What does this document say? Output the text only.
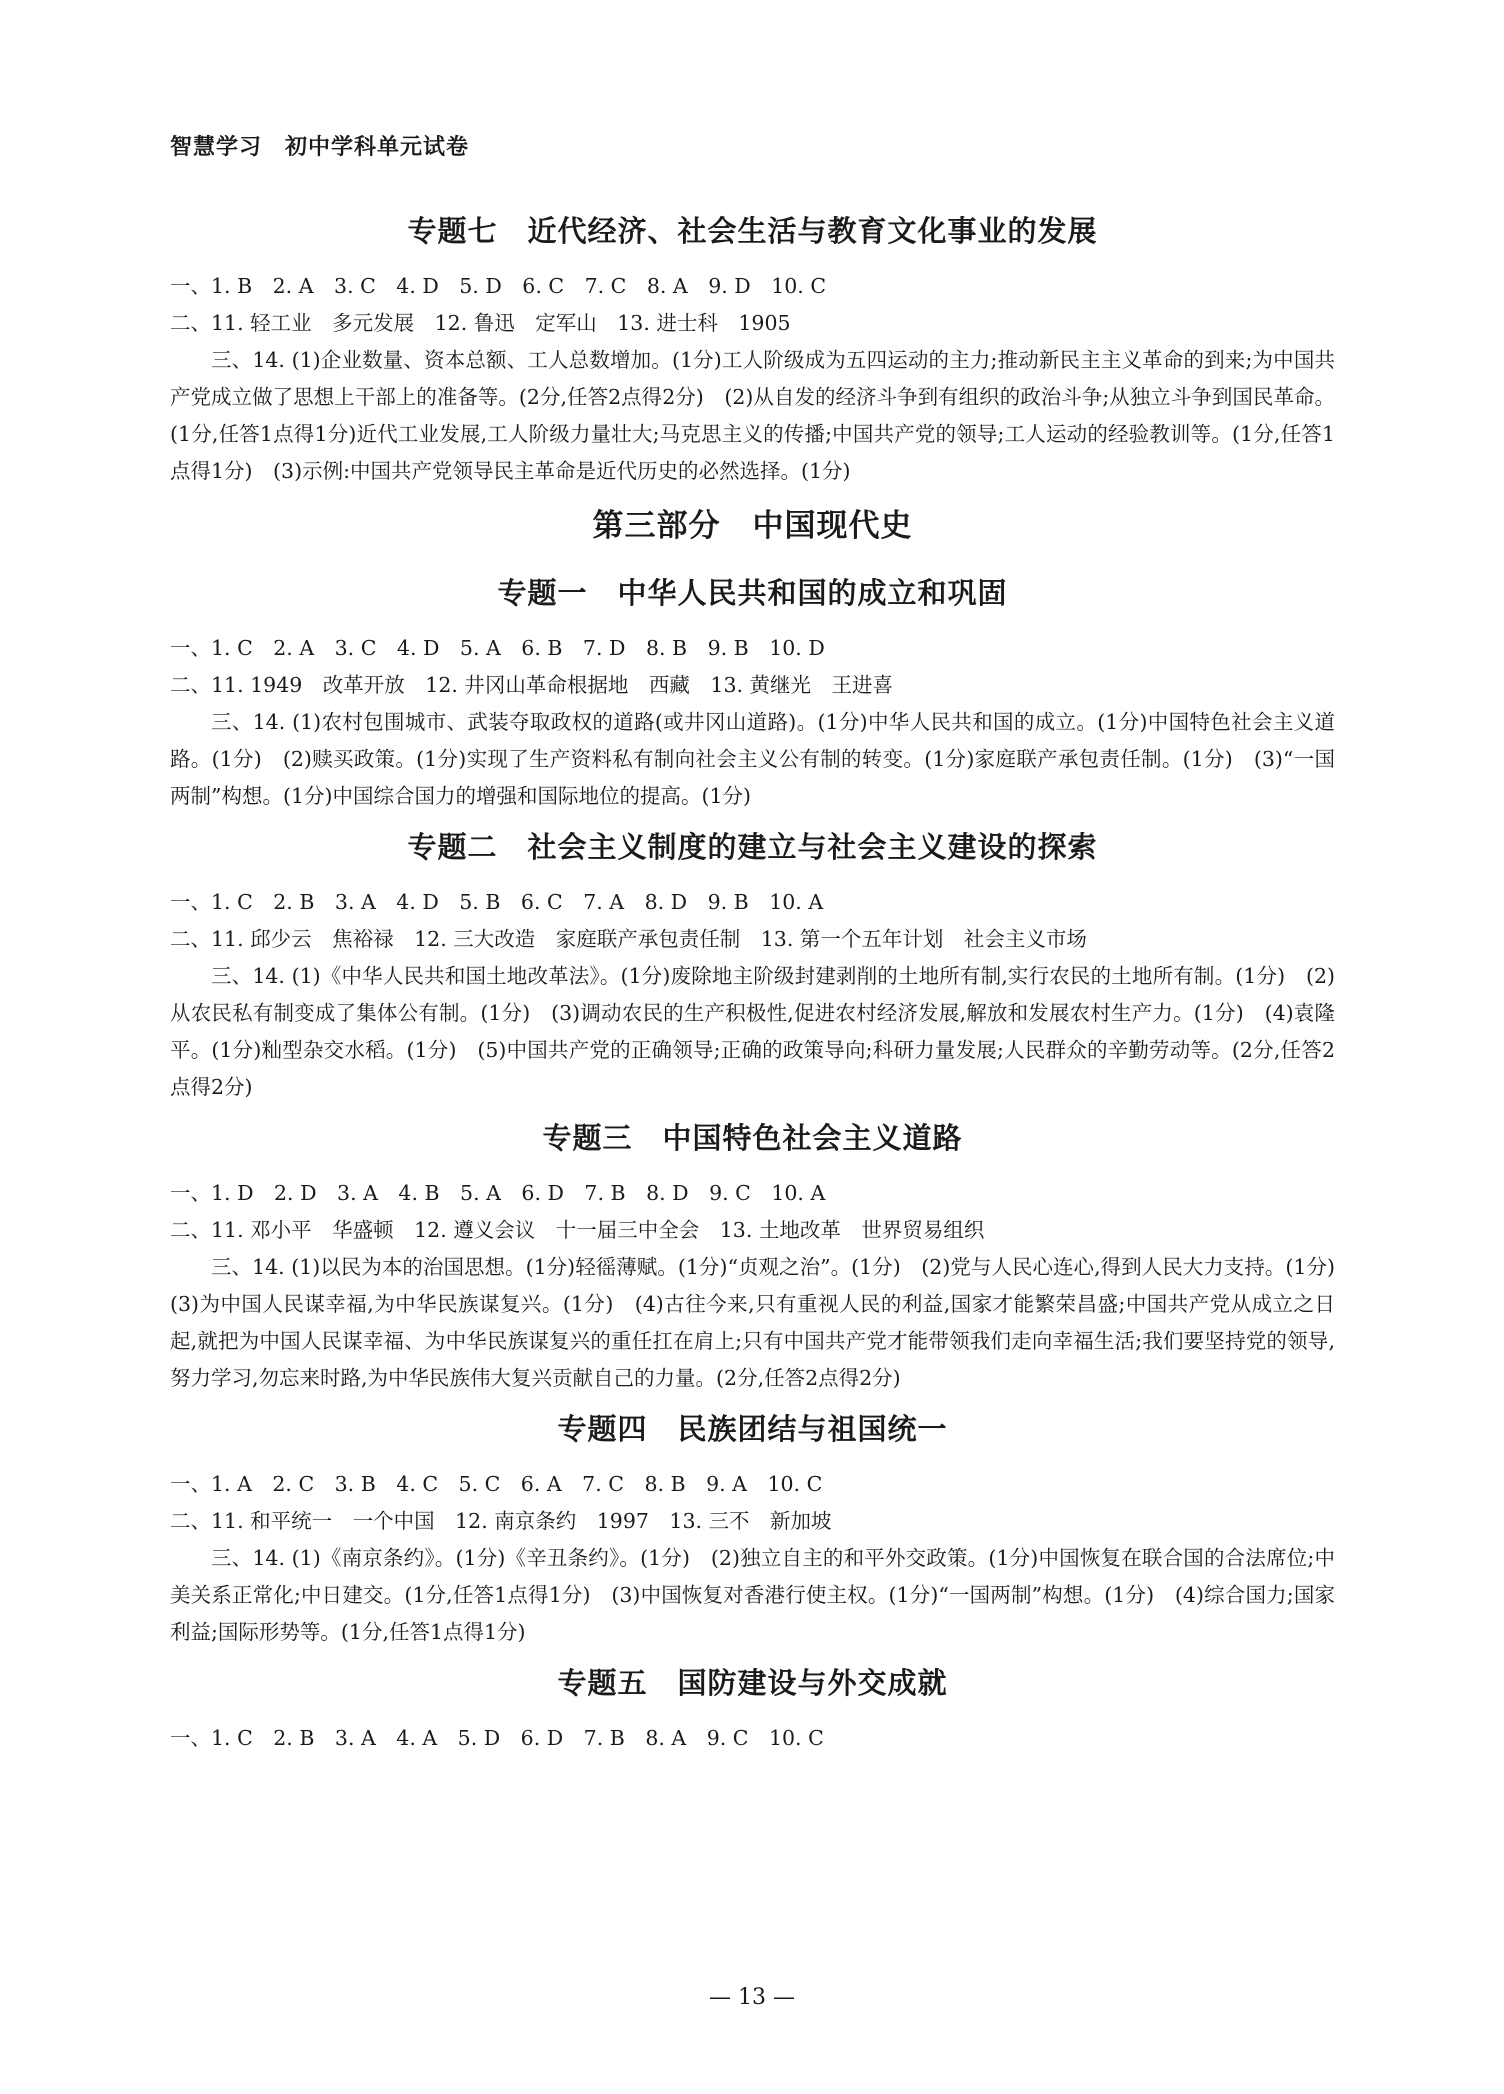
智慧学习　初中学科单元试卷
专题七　近代经济、社会生活与教育文化事业的发展
一、1. B　2. A　3. C　4. D　5. D　6. C　7. C　8. A　9. D　10. C
二、11. 轻工业　多元发展　12. 鲁迅　定军山　13. 进士科　1905
三、14. (1)企业数量、资本总额、工人总数增加。(1分)工人阶级成为五四运动的主力;推动新民主主义革命的到来;为中国共产党成立做了思想上干部上的准备等。(2分,任答2点得2分)　(2)从自发的经济斗争到有组织的政治斗争;从独立斗争到国民革命。(1分,任答1点得1分)近代工业发展,工人阶级力量壮大;马克思主义的传播;中国共产党的领导;工人运动的经验教训等。(1分,任答1点得1分)　(3)示例:中国共产党领导民主革命是近代历史的必然选择。(1分)
第三部分　中国现代史
专题一　中华人民共和国的成立和巩固
一、1. C　2. A　3. C　4. D　5. A　6. B　7. D　8. B　9. B　10. D
二、11. 1949　改革开放　12. 井冈山革命根据地　西藏　13. 黄继光　王进喜
三、14. (1)农村包围城市、武装夺取政权的道路(或井冈山道路)。(1分)中华人民共和国的成立。(1分)中国特色社会主义道路。(1分)　(2)赎买政策。(1分)实现了生产资料私有制向社会主义公有制的转变。(1分)家庭联产承包责任制。(1分)　(3)“一国两制”构想。(1分)中国综合国力的增强和国际地位的提高。(1分)
专题二　社会主义制度的建立与社会主义建设的探索
一、1. C　2. B　3. A　4. D　5. B　6. C　7. A　8. D　9. B　10. A
二、11. 邱少云　焦裕禄　12. 三大改造　家庭联产承包责任制　13. 第一个五年计划　社会主义市场
三、14. (1)《中华人民共和国土地改革法》。(1分)废除地主阶级封建剥削的土地所有制,实行农民的土地所有制。(1分)　(2)从农民私有制变成了集体公有制。(1分)　(3)调动农民的生产积极性,促进农村经济发展,解放和发展农村生产力。(1分)　(4)袁隆平。(1分)籼型杂交水稻。(1分)　(5)中国共产党的正确领导;正确的政策导向;科研力量发展;人民群众的辛勤劳动等。(2分,任答2点得2分)
专题三　中国特色社会主义道路
一、1. D　2. D　3. A　4. B　5. A　6. D　7. B　8. D　9. C　10. A
二、11. 邓小平　华盛顿　12. 遵义会议　十一届三中全会　13. 土地改革　世界贸易组织
三、14. (1)以民为本的治国思想。(1分)轻徭薄赋。(1分)“贞观之治”。(1分)　(2)党与人民心连心,得到人民大力支持。(1分)　(3)为中国人民谋幸福,为中华民族谋复兴。(1分)　(4)古往今来,只有重视人民的利益,国家才能繁荣昌盛;中国共产党从成立之日起,就把为中国人民谋幸福、为中华民族谋复兴的重任扛在肩上;只有中国共产党才能带领我们走向幸福生活;我们要坚持党的领导,努力学习,勿忘来时路,为中华民族伟大复兴贡献自己的力量。(2分,任答2点得2分)
专题四　民族团结与祖国统一
一、1. A　2. C　3. B　4. C　5. C　6. A　7. C　8. B　9. A　10. C
二、11. 和平统一　一个中国　12. 南京条约　1997　13. 三不　新加坡
三、14. (1)《南京条约》。(1分)《辛丑条约》。(1分)　(2)独立自主的和平外交政策。(1分)中国恢复在联合国的合法席位;中美关系正常化;中日建交。(1分,任答1点得1分)　(3)中国恢复对香港行使主权。(1分)“一国两制”构想。(1分)　(4)综合国力;国家利益;国际形势等。(1分,任答1点得1分)
专题五　国防建设与外交成就
一、1. C　2. B　3. A　4. A　5. D　6. D　7. B　8. A　9. C　10. C
— 13 —
